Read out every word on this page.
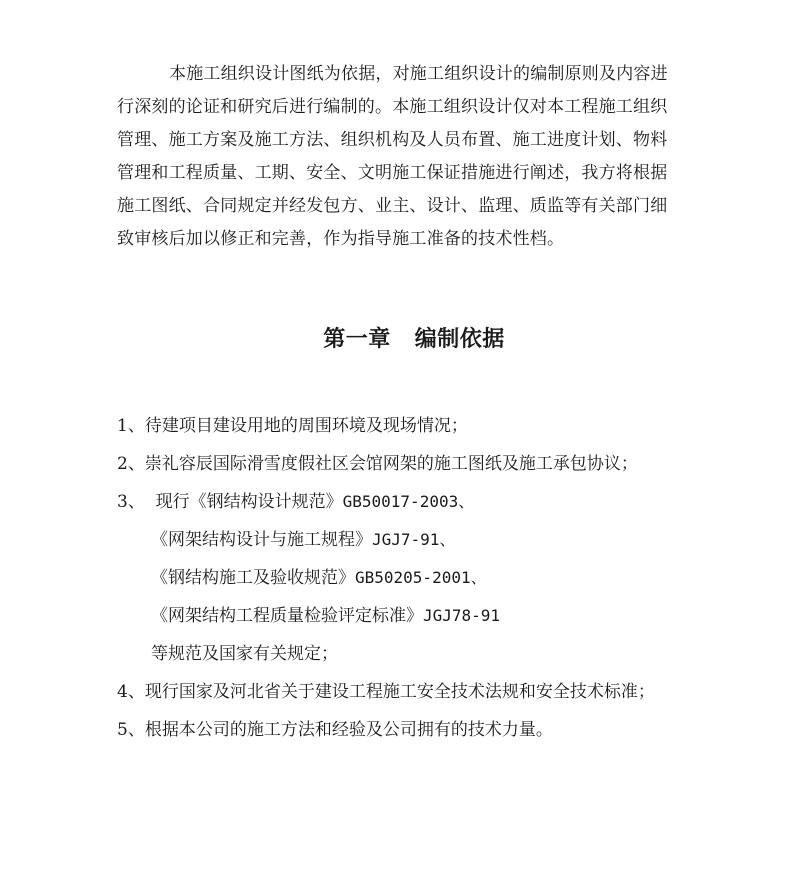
本施工组织设计图纸为依据，对施工组织设计的编制原则及内容进
行深刻的论证和研究后进行编制的。本施工组织设计仅对本工程施工组织
管理、施工方案及施工方法、组织机构及人员布置、施工进度计划、物料
管理和工程质量、工期、安全、文明施工保证措施进行阐述，我方将根据
施工图纸、合同规定并经发包方、业主、设计、监理、质监等有关部门细
致审核后加以修正和完善，作为指导施工准备的技术性档。
第一章 编制依据
1、待建项目建设用地的周围环境及现场情况；
2、崇礼容辰国际滑雪度假社区会馆网架的施工图纸及施工承包协议；
3、  现行《钢结构设计规范》GB50017-2003、
《网架结构设计与施工规程》JGJ7-91、
《钢结构施工及验收规范》GB50205-2001、
《网架结构工程质量检验评定标准》JGJ78-91
等规范及国家有关规定；
4、现行国家及河北省关于建设工程施工安全技术法规和安全技术标准；
5、根据本公司的施工方法和经验及公司拥有的技术力量。
